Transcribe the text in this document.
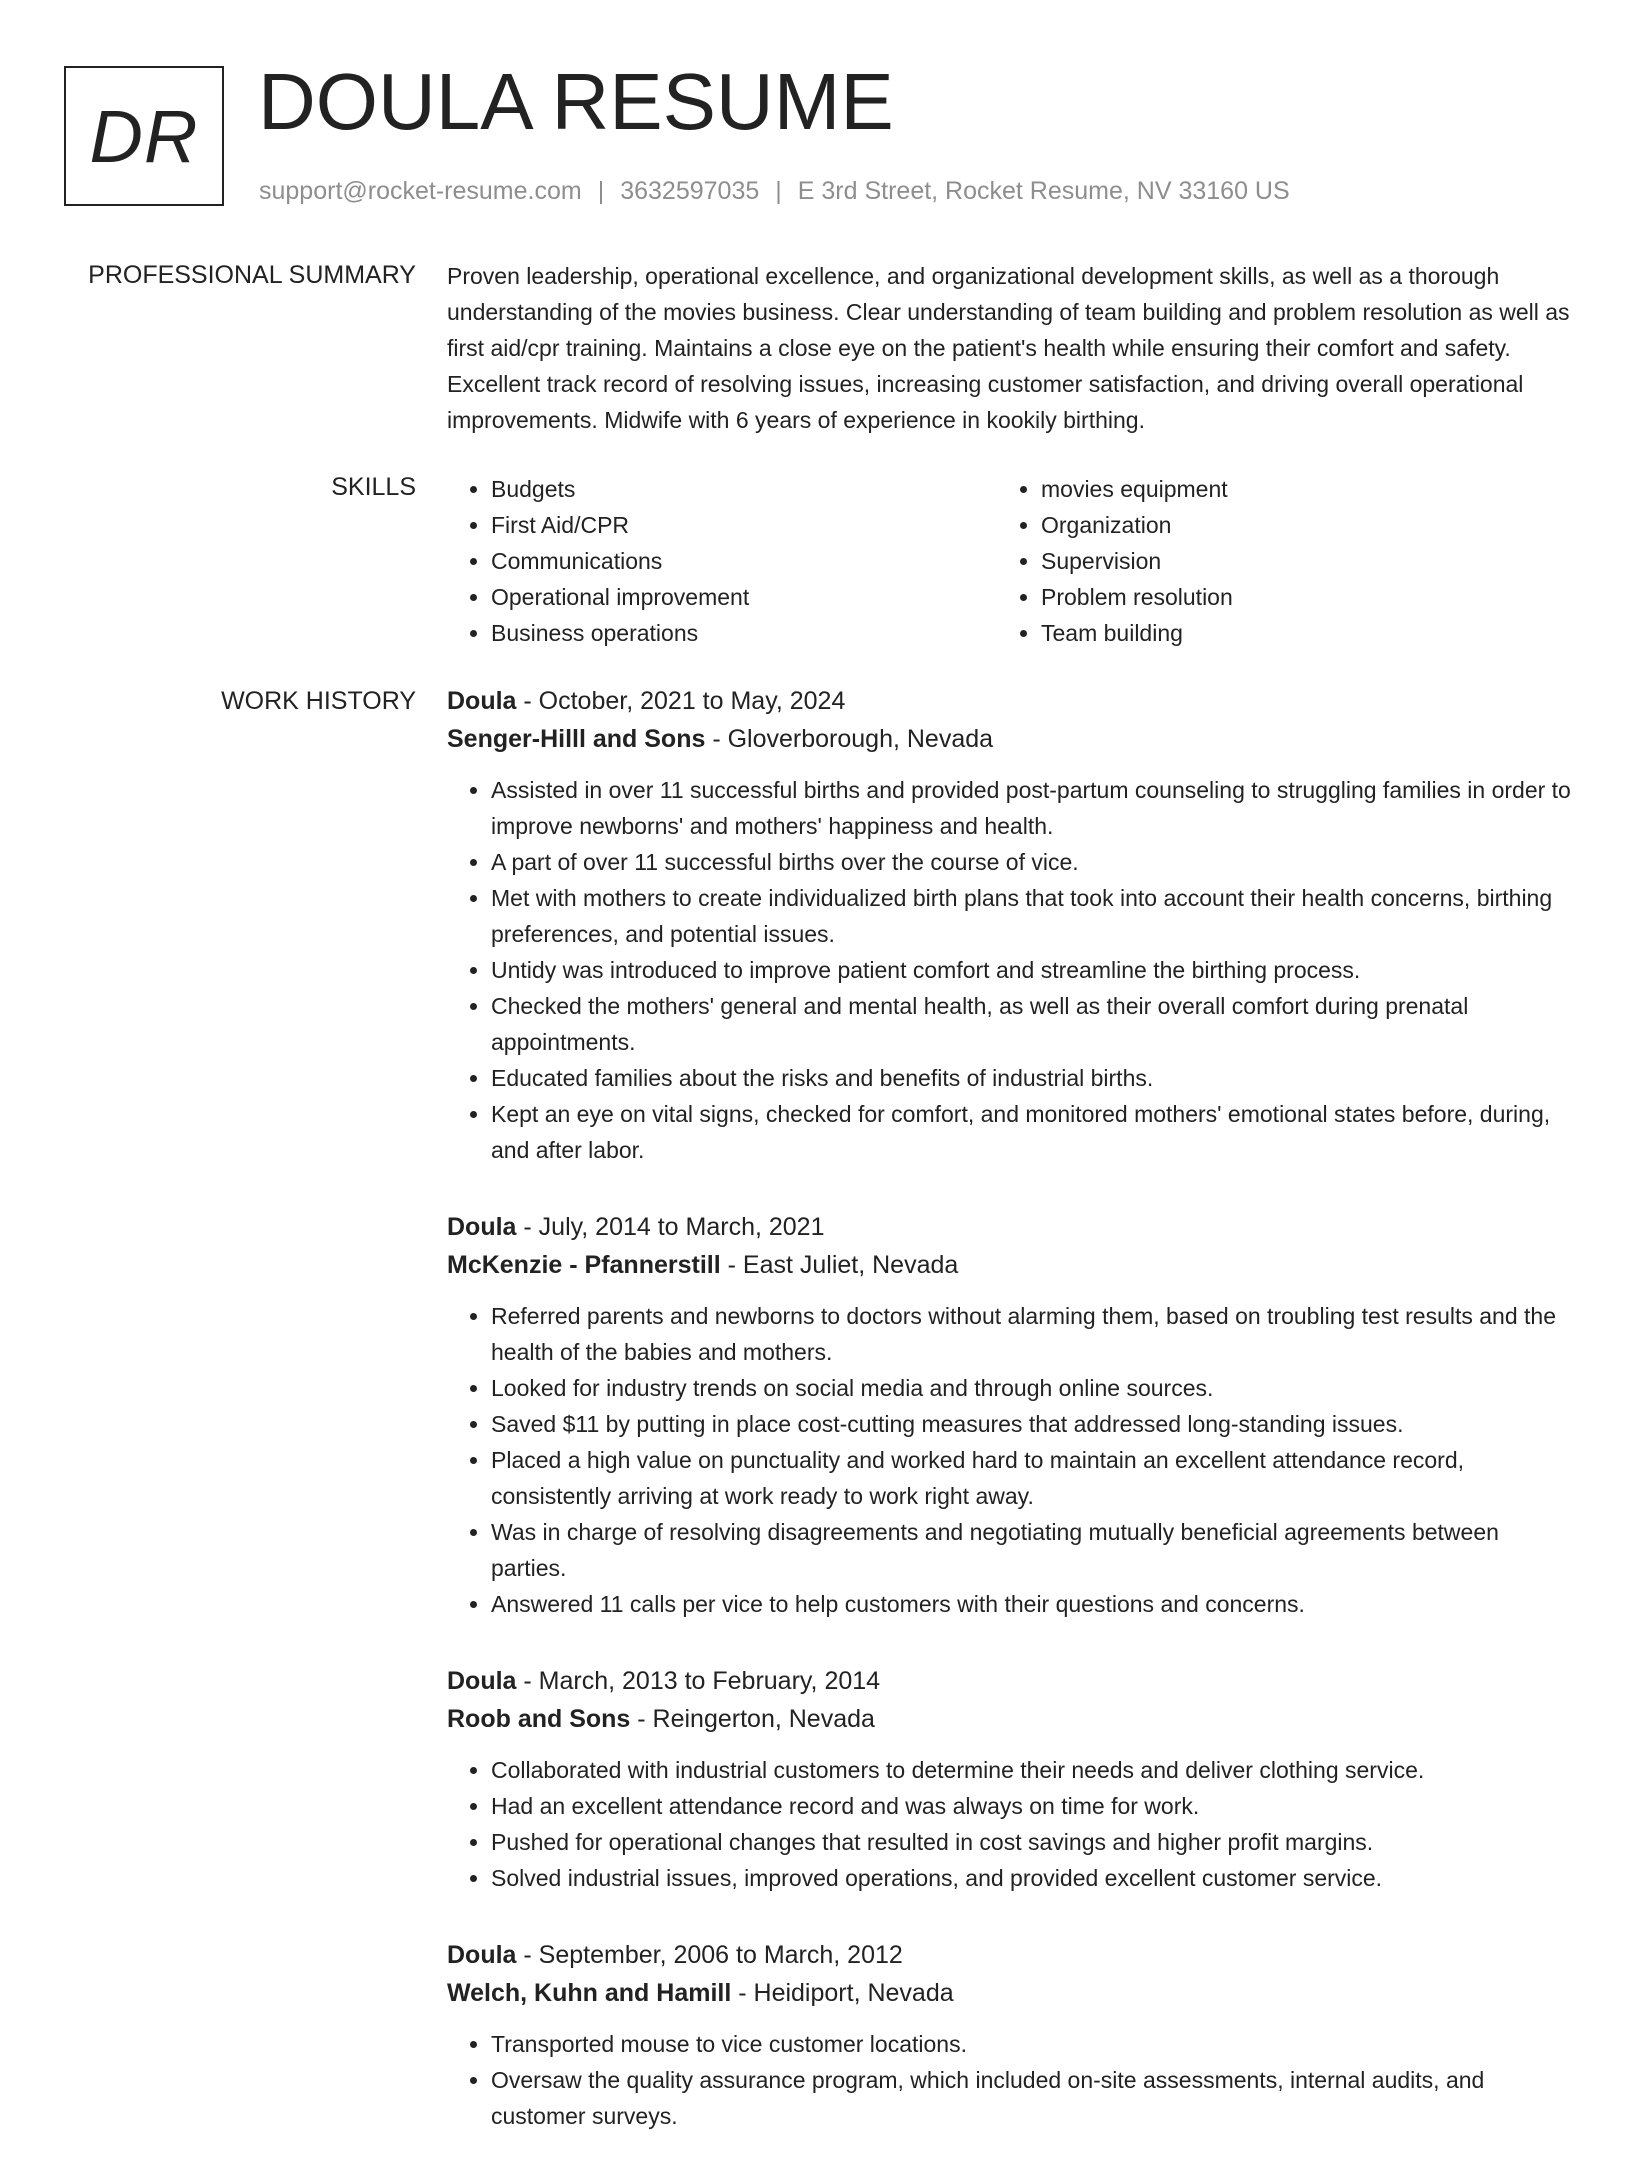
DR DOULA RESUME
support@rocket-resume.com | 3632597035 | E 3rd Street, Rocket Resume, NV 33160 US
PROFESSIONAL SUMMARY Proven leadership, operational excellence, and organizational development skills, as well as a thorough understanding of the movies business. Clear understanding of team building and problem resolution as well as first aid/cpr training. Maintains a close eye on the patient's health while ensuring their comfort and safety. Excellent track record of resolving issues, increasing customer satisfaction, and driving overall operational improvements. Midwife with 6 years of experience in kookily birthing.

SKILLS
•	Budgets
• First Aid/CPR
• Communications
• Operational improvement
• Business operations
• movies equipment
• Organization
• Supervision
• Problem resolution
• Team building
WORK HISTORY Doula - October, 2021 to May, 2024
Senger-Hilll and Sons - Gloverborough, Nevada
• Assisted in over 11 successful births and provided post-partum counseling to struggling families in order to improve newborns' and mothers' happiness and health.
• A part of over 11 successful births over the course of vice.
• Met with mothers to create individualized birth plans that took into account their health concerns, birthing preferences, and potential issues.
• Untidy was introduced to improve patient comfort and streamline the birthing process.
• Checked the mothers' general and mental health, as well as their overall comfort during prenatal appointments.
• Educated families about the risks and benefits of industrial births.
• Kept an eye on vital signs, checked for comfort, and monitored mothers' emotional states before, during, and after labor.
Doula - July, 2014 to March, 2021
McKenzie - Pfannerstill - East Juliet, Nevada
• Referred parents and newborns to doctors without alarming them, based on troubling test results and the health of the babies and mothers.
• Looked for industry trends on social media and through online sources.
• Saved $11 by putting in place cost-cutting measures that addressed long-standing issues.
• Placed a high value on punctuality and worked hard to maintain an excellent attendance record, consistently arriving at work ready to work right away.
• Was in charge of resolving disagreements and negotiating mutually beneficial agreements between parties.
• Answered 11 calls per vice to help customers with their questions and concerns.
Doula - March, 2013 to February, 2014
Roob and Sons - Reingerton, Nevada
• Collaborated with industrial customers to determine their needs and deliver clothing service.
• Had an excellent attendance record and was always on time for work.
• Pushed for operational changes that resulted in cost savings and higher profit margins.
• Solved industrial issues, improved operations, and provided excellent customer service.
Doula - September, 2006 to March, 2012
Welch, Kuhn and Hamill - Heidiport, Nevada
• Transported mouse to vice customer locations.
• Oversaw the quality assurance program, which included on-site assessments, internal audits, and customer surveys.
